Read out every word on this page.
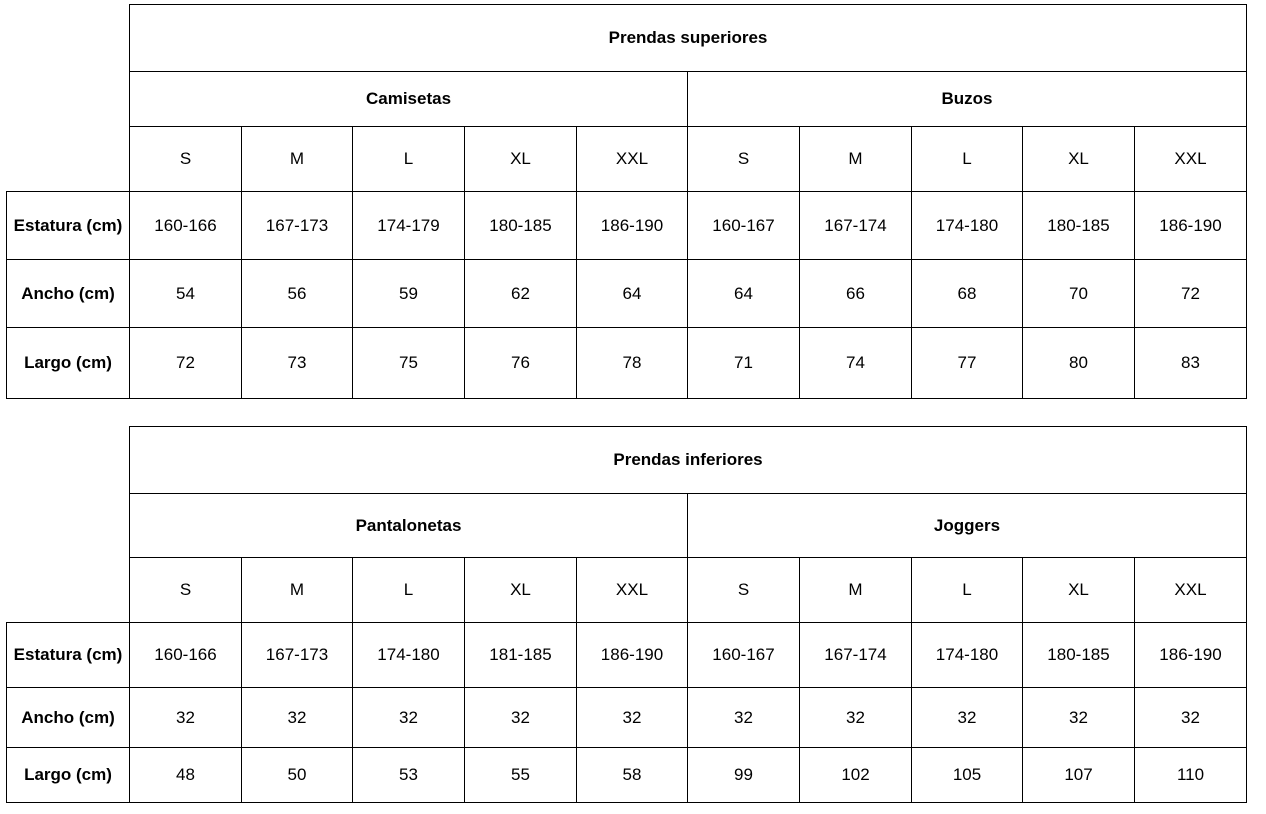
	Prendas superiores									
	Camisetas					Buzos				
	S	M	L	XL	XXL	S	M	L	XL	XXL
Estatura (cm)	160-166	167-173	174-179	180-185	186-190	160-167	167-174	174-180	180-185	186-190
Ancho (cm)	54	56	59	62	64	64	66	68	70	72
Largo (cm)	72	73	75	76	78	71	74	77	80	83
	Prendas inferiores									
	Pantalonetas					Joggers				
	S	M	L	XL	XXL	S	M	L	XL	XXL
Estatura (cm)	160-166	167-173	174-180	181-185	186-190	160-167	167-174	174-180	180-185	186-190
Ancho (cm)	32	32	32	32	32	32	32	32	32	32
Largo (cm)	48	50	53	55	58	99	102	105	107	110
